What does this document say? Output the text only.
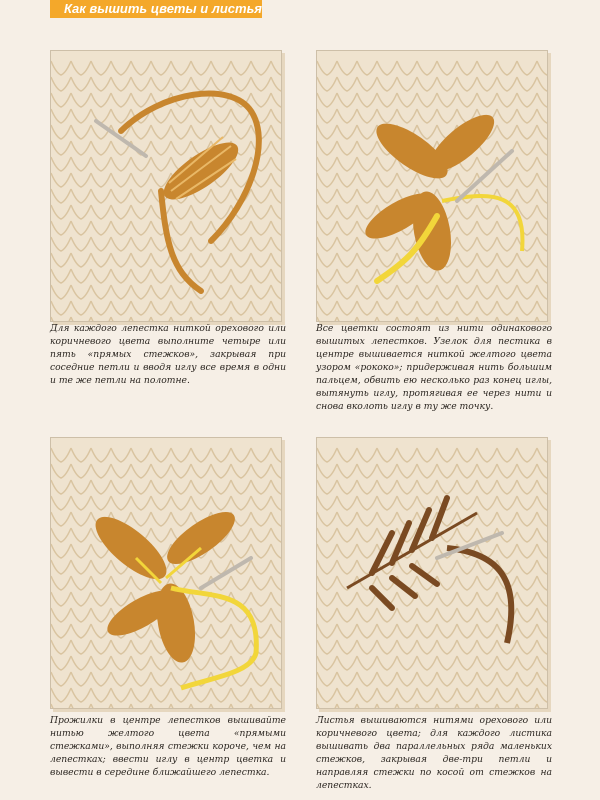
Как вышить цветы и листья
Для каждого лепестка ниткой орехового или коричневого цвета выполните четыре или пять «прямых стежков», закрывая при соседние петли и вводя иглу все время в одни и те же петли на полотне.
Все цветки состоят из нити одинакового вышитых лепестков. Узелок для пестика в центре вышивается ниткой желтого цвета узором «рококо»; придерживая нить большим пальцем, обвить ею несколько раз конец иглы, вытянуть иглу, протягивая ее через нити и снова вколоть иглу в ту же точку.
Прожилки в центре лепестков вышивайте нитью желтого цвета «прямыми стежками», выполняя стежки короче, чем на лепестках; ввести иглу в центр цветка и вывести в середине ближайшего лепестка.
Листья вышиваются нитями орехового или коричневого цвета; для каждого листика вышивать два параллельных ряда маленьких стежков, закрывая две-три петли и направляя стежки по косой от стежков на лепестках.
